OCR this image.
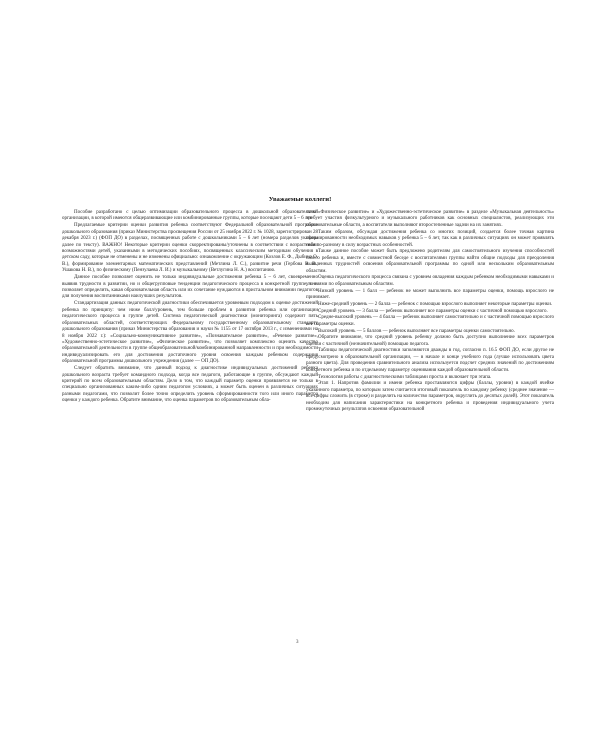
Уважаемые коллеги!

Пособие разработано с целью оптимизации образовательного процесса в дошкольной образовательной организации, в которой имеются общеразвивающие или комбинированные группы, которые посещают дети 5 – 6 лет.

Предлагаемые критерии оценки развития ребенка соответствуют Федеральной образовательной программе дошкольного образования (приказ Министерства просвещения России от 25 ноября 2022 г. № 1028, зарегистрирован 28 декабря 2023 г.) (ФОП ДО) в разделах, посвященных работе с дошкольниками 5 – 6 лет (номера разделов указаны далее по тексту). ВАЖНО! Некоторые критерии оценки скорректированы/уточнены в соответствии с возрастными возможностями детей, указанными в методических пособиях, посвященных классическим методикам обучения в детском саду, которые не отменены и не изменены официально: ознакомление с окружающим (Козлов Е. Ф., Дыбина О. В.), формирование элементарных математических представлений (Метлина Л. С.), развитие речи (Гербова В. В., Ушакова Н. В.), по физическому (Пензулаева Л. И.) и музыкальному (Ветлугина Н. А.) воспитанию.

Данное пособие позволяет оценить не только индивидуальные достижения ребенка 5 – 6 лет, своевременно выявив трудности в развитии, но и общегрупповые тенденции педагогического процесса в конкретной группе, т. е. позволяет определить, какая образовательная область или их сочетание нуждаются в пристальном внимании педагогов для получения воспитанниками наилучших результатов.

Стандартизация данных педагогической диагностики обеспечивается уровневым подходом к оценке достижений ребенка по принципу: чем ниже балл/уровень, тем больше проблем в развитии ребенка или организации педагогического процесса в группе детей. Система педагогической диагностики (мониторинга) содержит пять образовательных областей, соответствующих Федеральному государственному образовательному стандарту дошкольного образования (приказ Министерства образования и науки № 1155 от 17 октября 2013 г., с изменениями на 8 ноября 2022 г.): «Социально-коммуникативное развитие», «Познавательное развитие», «Речевое развитие», «Художественно-эстетическое развитие», «Физическое развитие», что позволяет комплексно оценить качество образовательной деятельности в группе общеобразовательной/комбинированной направленности и при необходимости индивидуализировать его для достижения достаточного уровня освоения каждым ребенком содержания образовательной программы дошкольного учреждения (далее — ОП ДО).

Следует обратить внимание, что данный подход к диагностике индивидуальных достижений ребенка дошкольного возраста требует командного подхода, когда все педагоги, работающие в группе, обсуждают каждый критерий по всем образовательным областям. Дело в том, что каждый параметр оценки проявляется не только в специально организованных каким-либо одним педагогом условиях, а может быть оценен в различных ситуациях разными педагогами, что позволит более точно определить уровень сформированности того или иного параметра оценки у каждого ребенка. Обратите внимание, что оценка параметров по образовательным обла-

стям «Физическое развитие» и «Художественно-эстетическое развитие» в разделе «Музыкальная деятельность» требует участия физкультурного и музыкального работников как основных специалистов, реализующих эти образовательные области, а воспитатели выполняют второстепенные задачи на их занятиях.

Таким образом, обсуждая достижения ребенка со многих позиций, создается более точная картина сформированности необходимых навыков у ребенка 5 – 6 лет, так как в различных ситуациях он может проявлять себя по-разному в силу возрастных особенностей.

Также данное пособие может быть предложено родителям для самостоятельного изучения способностей своего ребенка и, вместе с совместной беседе с воспитателями группы найти общие подходы для преодоления выявленных трудностей освоения образовательной программы по одной или нескольким образовательным областям.

Оценка педагогического процесса связана с уровнем овладения каждым ребенком необходимыми навыками и умениями по образовательным областям.

Низкий уровень — 1 балл — ребенок не может выполнить все параметры оценки, помощь взрослого не принимает.

Ниже-средний уровень — 2 балла — ребенок с помощью взрослого выполняет некоторые параметры оценки.

Средний уровень — 3 балла — ребенок выполняет все параметры оценки с частичной помощью взрослого.

Средне-высокий уровень — 4 балла — ребенок выполняет самостоятельно и с частичной помощью взрослого все параметры оценки.

Высокий уровень — 5 баллов — ребенок выполняет все параметры оценки самостоятельно.

Обратите внимание, что средний уровень ребенку должно быть доступно выполнение всех параметров оценки с частичной (незначительной) помощью педагога.

Таблицы педагогической диагностики заполняются дважды в год, согласно п. 16.5 ФОП ДО, если другое не предусмотрено в образовательной организации, — в начале и конце учебного года (лучше использовать цвета разного цвета). Для проведения сравнительного анализа используется подсчет средних значений по достижениям конкретного ребенка и по отдельному параметру оценивания каждой образовательной области.

Технология работы с диагностическими таблицами проста и включает три этапа.

Этап 1. Напротив фамилии и имени ребенка проставляются цифры (баллы, уровни) в каждой ячейке указанного параметра, по которым затем считается итоговый показатель по каждому ребенку (среднее значение — все цифры сложить (в строке) и разделить на количество параметров, округлить до десятых долей). Этот показатель необходим для написания характеристики на конкретного ребенка и проведения индивидуального учета промежуточных результатов освоения образовательной

3
